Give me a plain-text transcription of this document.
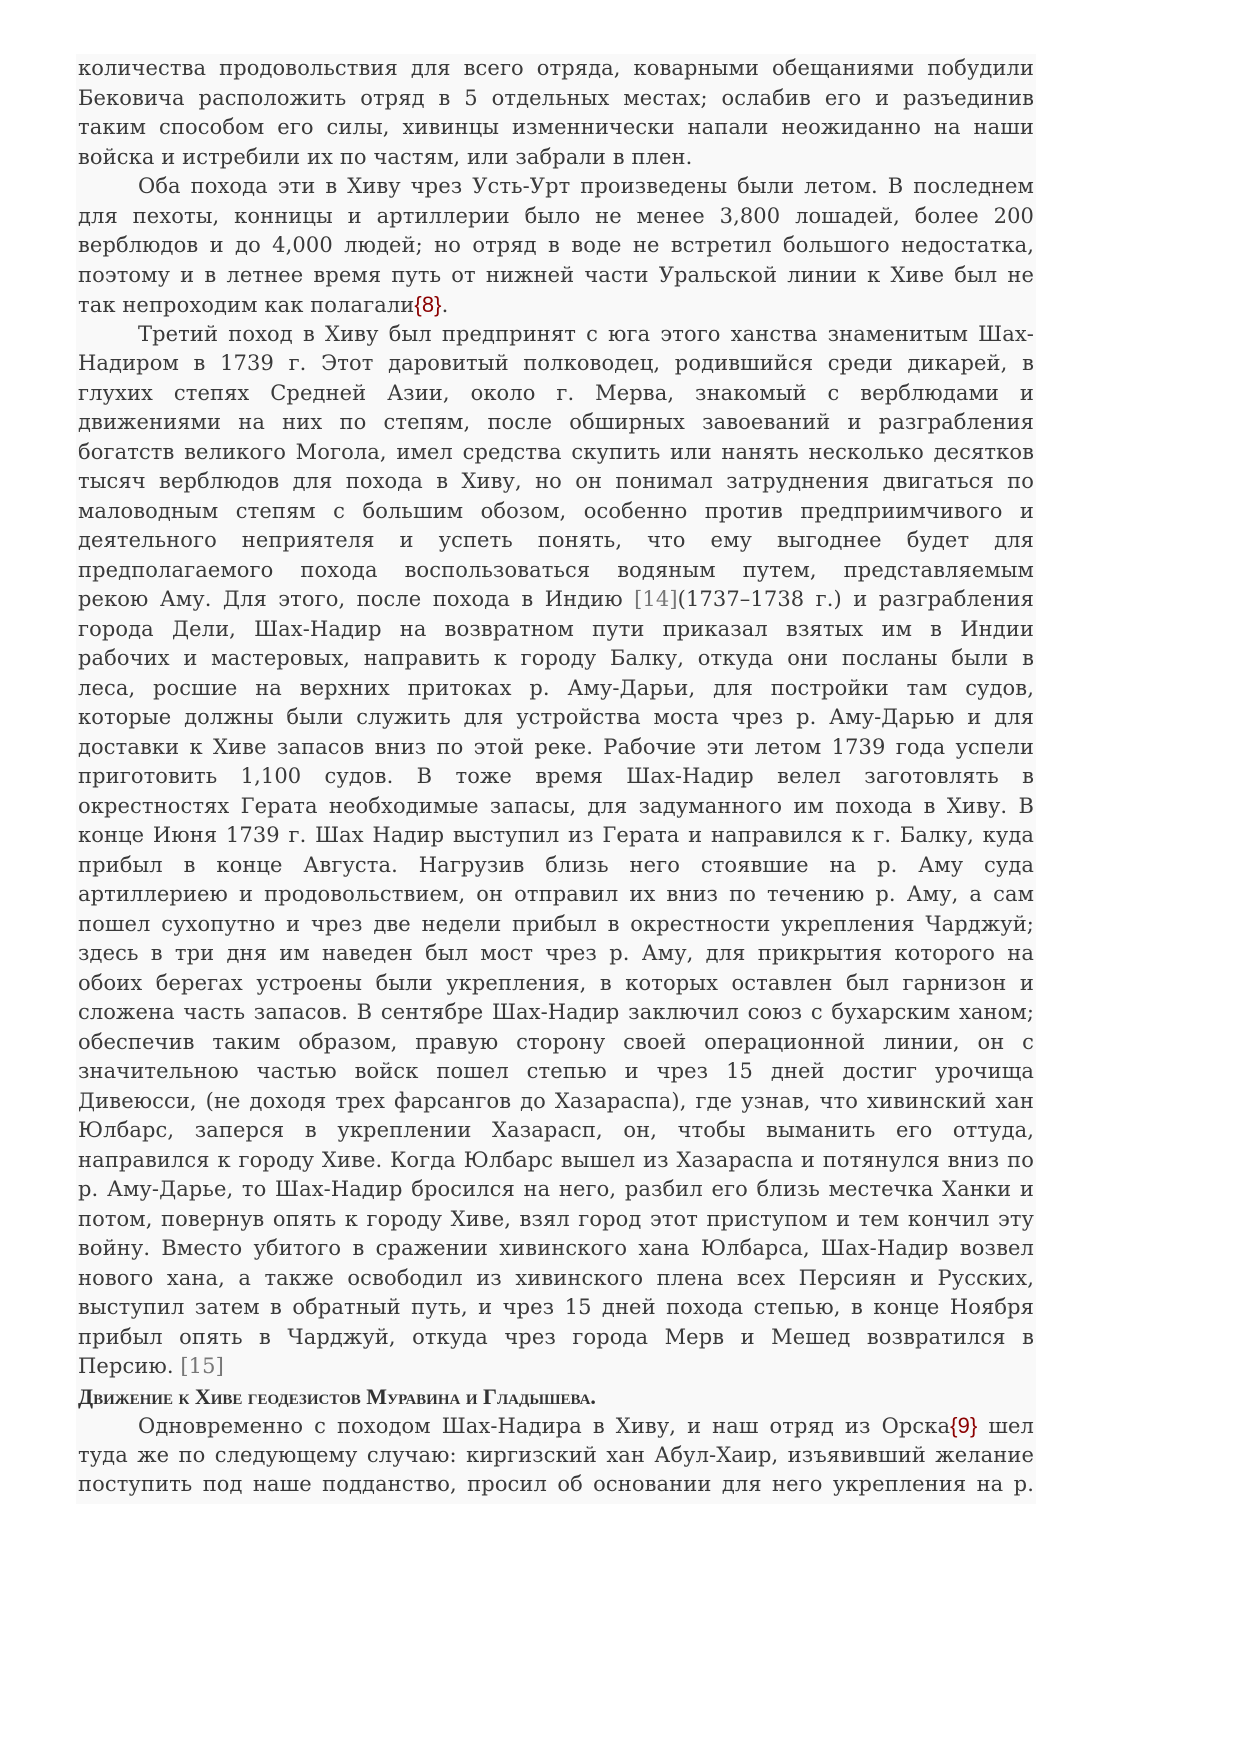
количества продовольствия для всего отряда, коварными обещаниями побудили
Бековича расположить отряд в 5 отдельных местах; ослабив его и разъединив
таким способом его силы, хивинцы изменнически напали неожиданно на наши
войска и истребили их по частям, или забрали в плен.
Оба похода эти в Хиву чрез Усть-Урт произведены были летом. В последнем
для пехоты, конницы и артиллерии было не менее 3,800 лошадей, более 200
верблюдов и до 4,000 людей; но отряд в воде не встретил большого недостатка,
поэтому и в летнее время путь от нижней части Уральской линии к Хиве был не
так непроходим как полагали{8}.
Третий поход в Хиву был предпринят с юга этого ханства знаменитым Шах-
Надиром в 1739 г. Этот даровитый полководец, родившийся среди дикарей, в
глухих степях Средней Азии, около г. Мерва, знакомый с верблюдами и
движениями на них по степям, после обширных завоеваний и разграбления
богатств великого Могола, имел средства скупить или нанять несколько десятков
тысяч верблюдов для похода в Хиву, но он понимал затруднения двигаться по
маловодным степям с большим обозом, особенно против предприимчивого и
деятельного неприятеля и успеть понять, что ему выгоднее будет для
предполагаемого похода воспользоваться водяным путем, представляемым
рекою Аму. Для этого, после похода в Индию [14](1737–1738 г.) и разграбления
города Дели, Шах-Надир на возвратном пути приказал взятых им в Индии
рабочих и мастеровых, направить к городу Балку, откуда они посланы были в
леса, росшие на верхних притоках р. Аму-Дарьи, для постройки там судов,
которые должны были служить для устройства моста чрез р. Аму-Дарью и для
доставки к Хиве запасов вниз по этой реке. Рабочие эти летом 1739 года успели
приготовить 1,100 судов. В тоже время Шах-Надир велел заготовлять в
окрестностях Герата необходимые запасы, для задуманного им похода в Хиву. В
конце Июня 1739 г. Шах Надир выступил из Герата и направился к г. Балку, куда
прибыл в конце Августа. Нагрузив близь него стоявшие на р. Аму суда
артиллериею и продовольствием, он отправил их вниз по течению р. Аму, а сам
пошел сухопутно и чрез две недели прибыл в окрестности укрепления Чарджуй;
здесь в три дня им наведен был мост чрез р. Аму, для прикрытия которого на
обоих берегах устроены были укрепления, в которых оставлен был гарнизон и
сложена часть запасов. В сентябре Шах-Надир заключил союз с бухарским ханом;
обеспечив таким образом, правую сторону своей операционной линии, он с
значительною частью войск пошел степью и чрез 15 дней достиг урочища
Дивеюсси, (не доходя трех фарсангов до Хазараспа), где узнав, что хивинский хан
Юлбарс, заперся в укреплении Хазарасп, он, чтобы выманить его оттуда,
направился к городу Хиве. Когда Юлбарс вышел из Хазараспа и потянулся вниз по
р. Аму-Дарье, то Шах-Надир бросился на него, разбил его близь местечка Ханки и
потом, повернув опять к городу Хиве, взял город этот приступом и тем кончил эту
войну. Вместо убитого в сражении хивинского хана Юлбарса, Шах-Надир возвел
нового хана, а также освободил из хивинского плена всех Персиян и Русских,
выступил затем в обратный путь, и чрез 15 дней похода степью, в конце Ноября
прибыл опять в Чарджуй, откуда чрез города Мерв и Мешед возвратился в
Персию. [15]
Движение к Хиве геодезистов Муравина и Гладышева.
Одновременно с походом Шах-Надира в Хиву, и наш отряд из Орска{9} шел
туда же по следующему случаю: киргизский хан Абул-Хаир, изъявивший желание
поступить под наше подданство, просил об основании для него укрепления на р.
